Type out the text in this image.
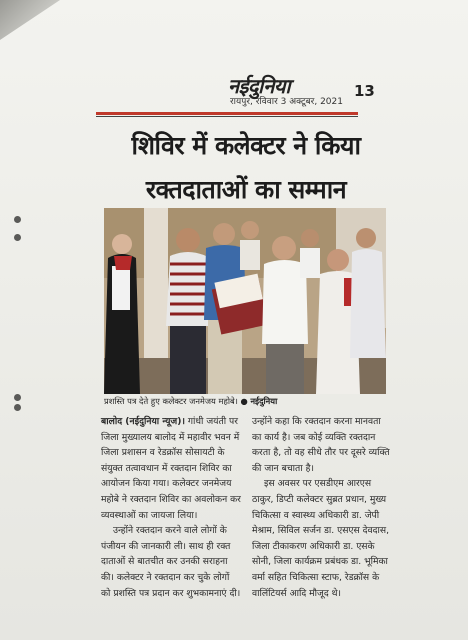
नईदुनिया
रायपुर, रविवार 3 अक्टूबर, 2021
13
शिविर में कलेक्टर ने किया
रक्तदाताओं का सम्मान
प्रशस्ति पत्र देते हुए कलेक्टर जनमेजय महोबे। ● नईदुनिया

बालोद (नईदुनिया न्यूज)। गांधी जयंती पर जिला मुख्यालय बालोद में महावीर भवन में जिला प्रशासन व रेडक्रॉस सोसायटी के संयुक्त तत्वावधान में रक्तदान शिविर का आयोजन किया गया। कलेक्टर जनमेजय महोबे ने रक्तदान शिविर का अवलोकन कर व्यवस्थाओं का जायजा लिया।

उन्होंने रक्तदान करने वाले लोगों के पंजीयन की जानकारी ली। साथ ही रक्त दाताओं से बातचीत कर उनकी सराहना की। कलेक्टर ने रक्तदान कर चुके लोगों को प्रशस्ति पत्र प्रदान कर शुभकामनाएं दी।

उन्होंने कहा कि रक्तदान करना मानवता का कार्य है। जब कोई व्यक्ति रक्तदान करता है, तो वह सीधे तौर पर दूसरे व्यक्ति की जान बचाता है।

इस अवसर पर एसडीएम आरएस ठाकुर, डिप्टी कलेक्टर सुब्रत प्रधान, मुख्य चिकित्सा व स्वास्थ्य अधिकारी डा. जेपी मेश्राम, सिविल सर्जन डा. एसएस देवदास, जिला टीकाकरण अधिकारी डा. एसके सोनी, जिला कार्यक्रम प्रबंधक डा. भूमिका वर्मा सहित चिकित्सा स्टाफ, रेडक्रॉस के वालिंटियर्स आदि मौजूद थे।
